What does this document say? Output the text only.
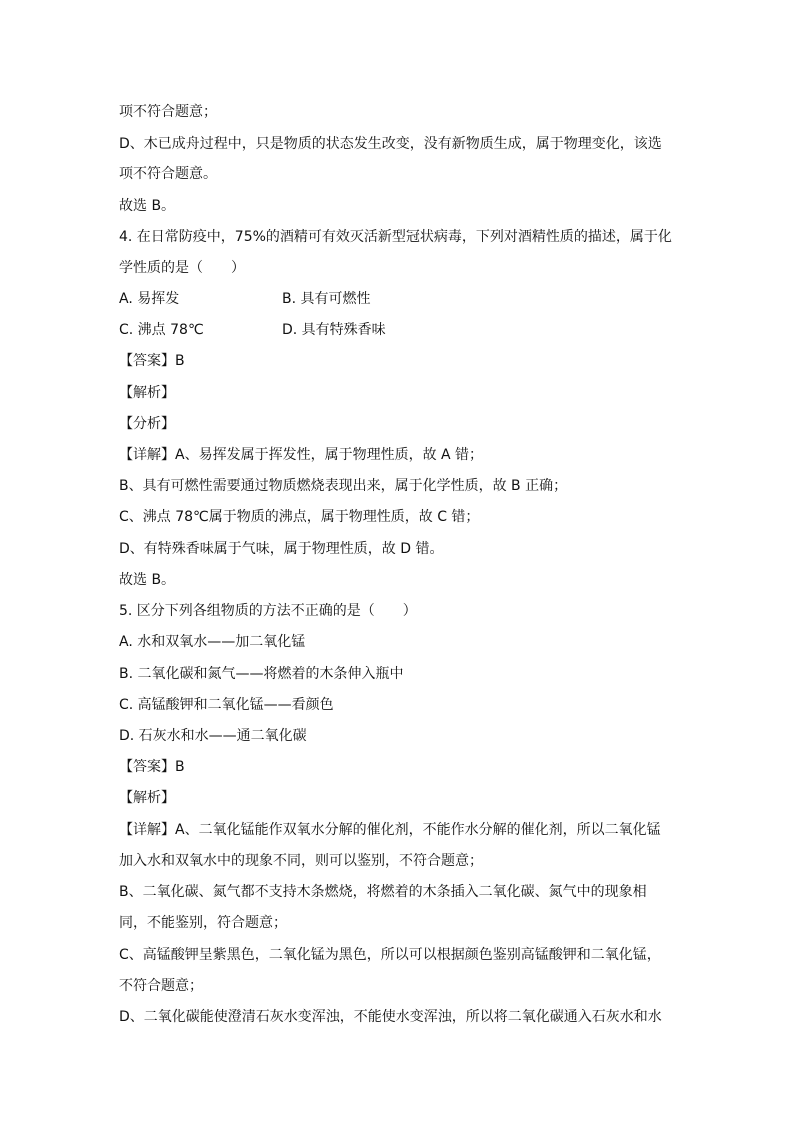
项不符合题意；
D、木已成舟过程中，只是物质的状态发生改变，没有新物质生成，属于物理变化，该选
项不符合题意。
故选 B。
4. 在日常防疫中，75%的酒精可有效灭活新型冠状病毒，下列对酒精性质的描述，属于化
学性质的是（　　）
A. 易挥发	B. 具有可燃性
C. 沸点 78℃	D. 具有特殊香味
【答案】B
【解析】
【分析】
【详解】A、易挥发属于挥发性，属于物理性质，故 A 错；
B、具有可燃性需要通过物质燃烧表现出来，属于化学性质，故 B 正确；
C、沸点 78℃属于物质的沸点，属于物理性质，故 C 错；
D、有特殊香味属于气味，属于物理性质，故 D 错。
故选 B。
5. 区分下列各组物质的方法不正确的是（　　）
A. 水和双氧水——加二氧化锰
B. 二氧化碳和氮气——将燃着的木条伸入瓶中
C. 高锰酸钾和二氧化锰——看颜色
D. 石灰水和水——通二氧化碳
【答案】B
【解析】
【详解】A、二氧化锰能作双氧水分解的催化剂，不能作水分解的催化剂，所以二氧化锰
加入水和双氧水中的现象不同，则可以鉴别，不符合题意；
B、二氧化碳、氮气都不支持木条燃烧，将燃着的木条插入二氧化碳、氮气中的现象相
同，不能鉴别，符合题意；
C、高锰酸钾呈紫黑色，二氧化锰为黑色，所以可以根据颜色鉴别高锰酸钾和二氧化锰，
不符合题意；
D、二氧化碳能使澄清石灰水变浑浊，不能使水变浑浊，所以将二氧化碳通入石灰水和水
